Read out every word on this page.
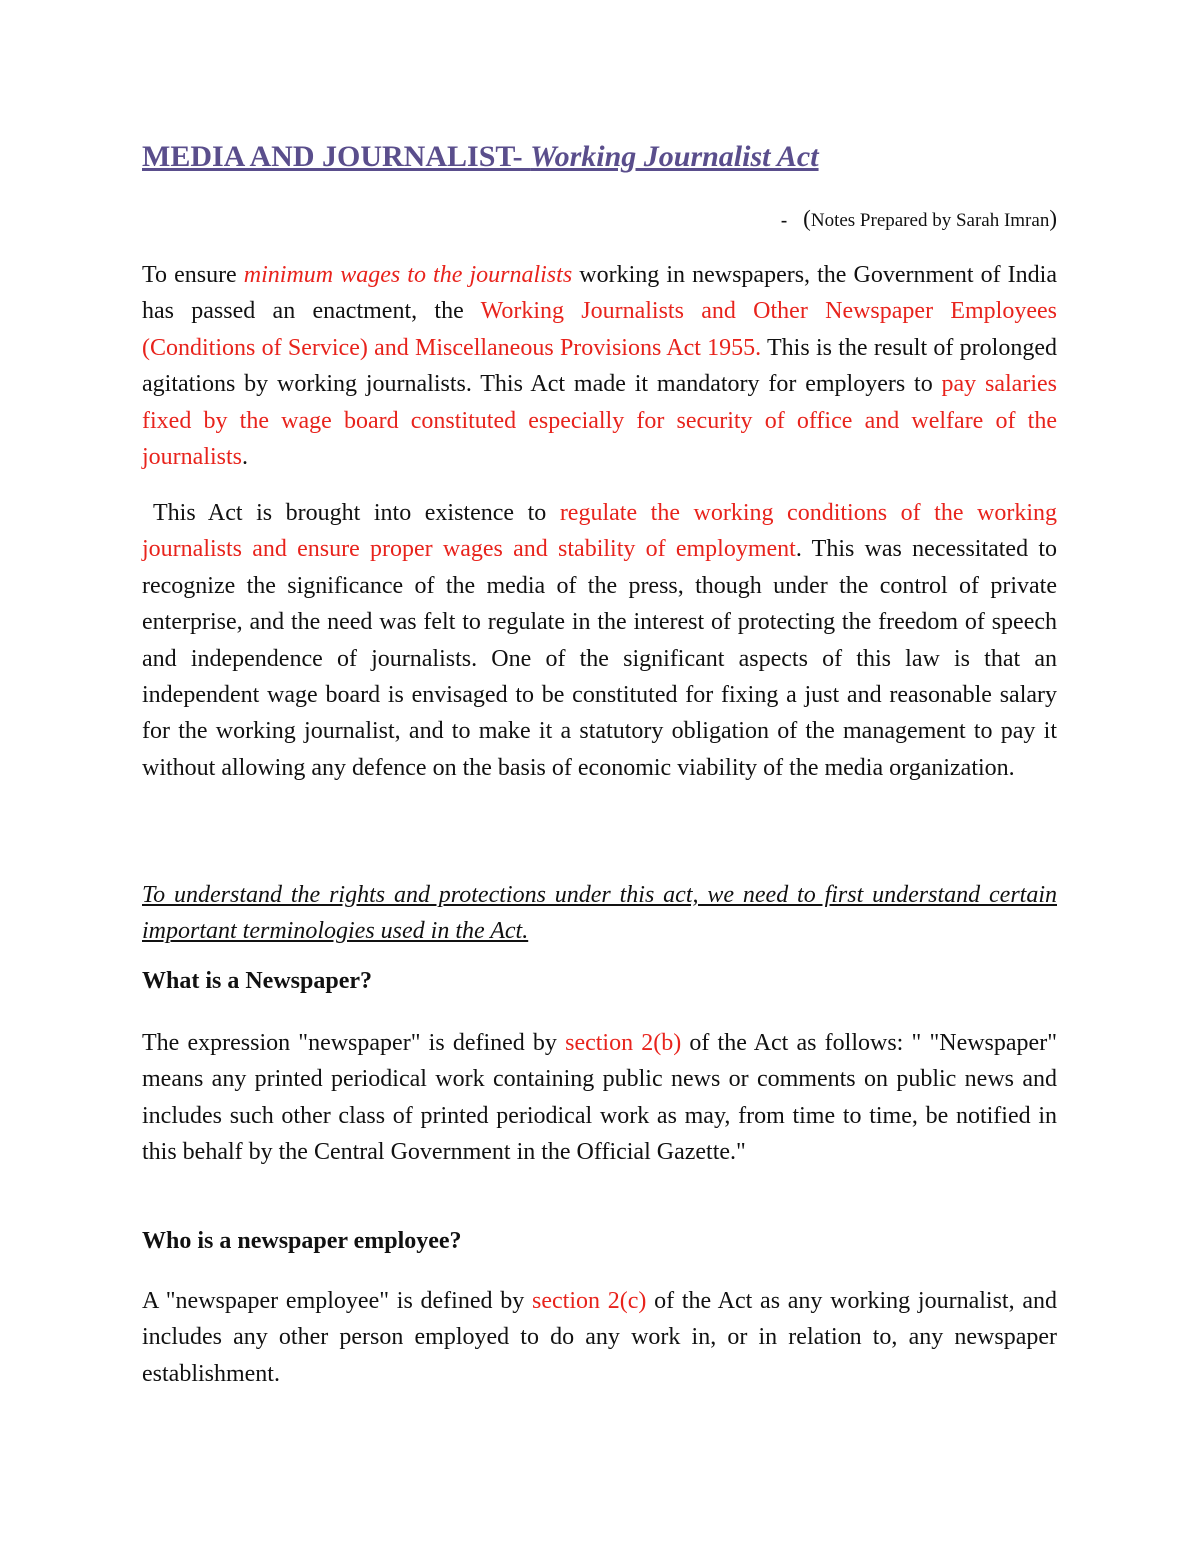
MEDIA AND JOURNALIST- Working Journalist Act
- (Notes Prepared by Sarah Imran)

To ensure minimum wages to the journalists working in newspapers, the Government of India has passed an enactment, the Working Journalists and Other Newspaper Employees (Conditions of Service) and Miscellaneous Provisions Act 1955. This is the result of prolonged agitations by working journalists. This Act made it mandatory for employers to pay salaries fixed by the wage board constituted especially for security of office and welfare of the journalists.

This Act is brought into existence to regulate the working conditions of the working journalists and ensure proper wages and stability of employment. This was necessitated to recognize the significance of the media of the press, though under the control of private enterprise, and the need was felt to regulate in the interest of protecting the freedom of speech and independence of journalists. One of the significant aspects of this law is that an independent wage board is envisaged to be constituted for fixing a just and reasonable salary for the working journalist, and to make it a statutory obligation of the management to pay it without allowing any defence on the basis of economic viability of the media organization.

To understand the rights and protections under this act, we need to first understand certain important terminologies used in the Act.

What is a Newspaper?

The expression "newspaper" is defined by section 2(b) of the Act as follows: " "Newspaper" means any printed periodical work containing public news or comments on public news and includes such other class of printed periodical work as may, from time to time, be notified in this behalf by the Central Government in the Official Gazette."

Who is a newspaper employee?

A "newspaper employee" is defined by section 2(c) of the Act as any working journalist, and includes any other person employed to do any work in, or in relation to, any newspaper establishment.
